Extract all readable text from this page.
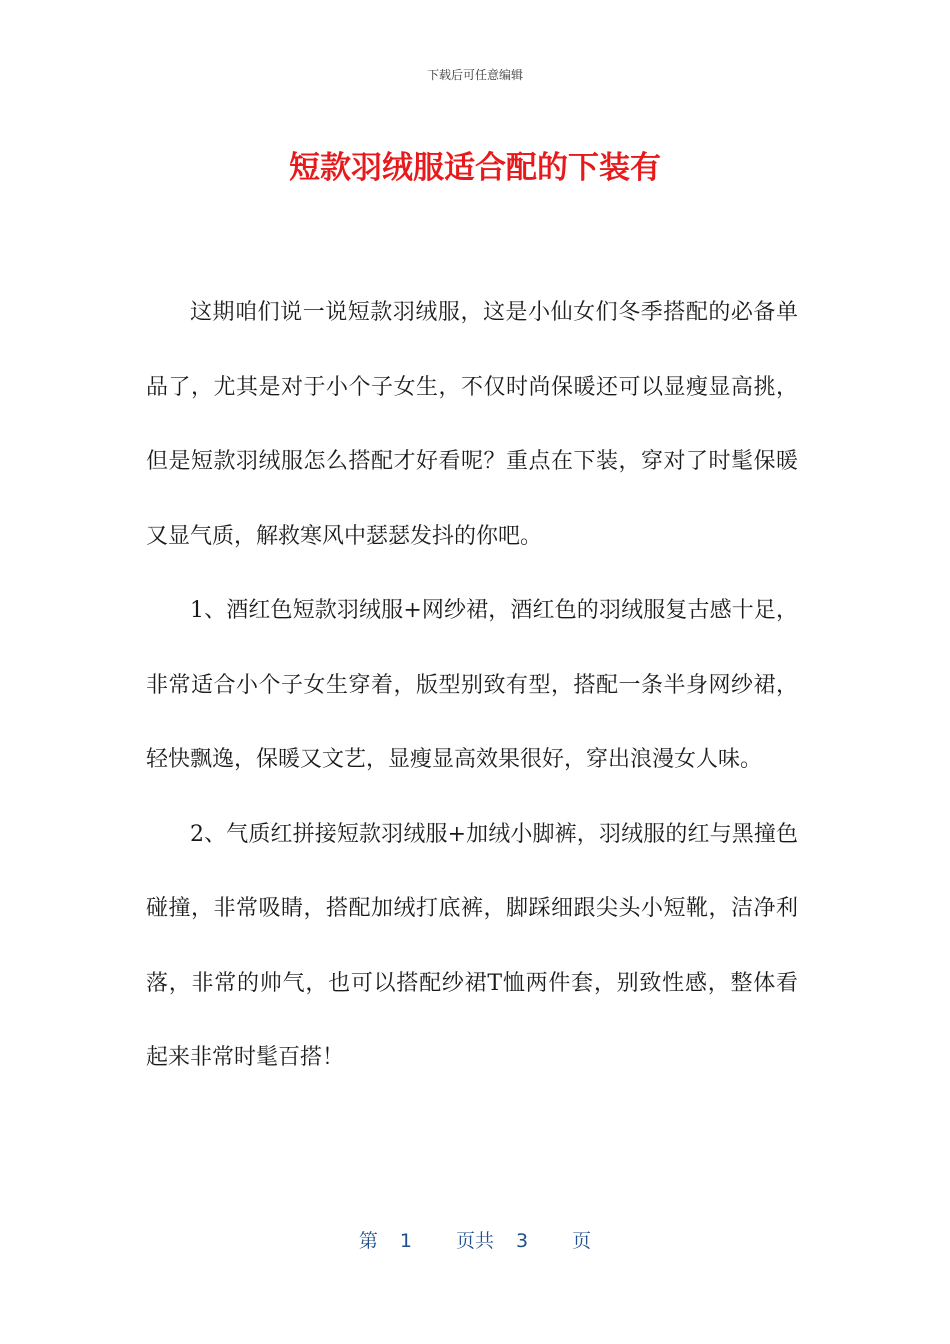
下载后可任意编辑
短款羽绒服适合配的下装有

这期咱们说一说短款羽绒服，这是小仙女们冬季搭配的必备单品了，尤其是对于小个子女生，不仅时尚保暖还可以显瘦显高挑，但是短款羽绒服怎么搭配才好看呢？重点在下装，穿对了时髦保暖又显气质，解救寒风中瑟瑟发抖的你吧。

1、酒红色短款羽绒服+网纱裙，酒红色的羽绒服复古感十足，非常适合小个子女生穿着，版型别致有型，搭配一条半身网纱裙，轻快飘逸，保暖又文艺，显瘦显高效果很好，穿出浪漫女人味。

2、气质红拼接短款羽绒服+加绒小脚裤，羽绒服的红与黑撞色碰撞，非常吸睛，搭配加绒打底裤，脚踩细跟尖头小短靴，洁净利落，非常的帅气，也可以搭配纱裙T恤两件套，别致性感，整体看起来非常时髦百搭！

第 1 页共 3 页
